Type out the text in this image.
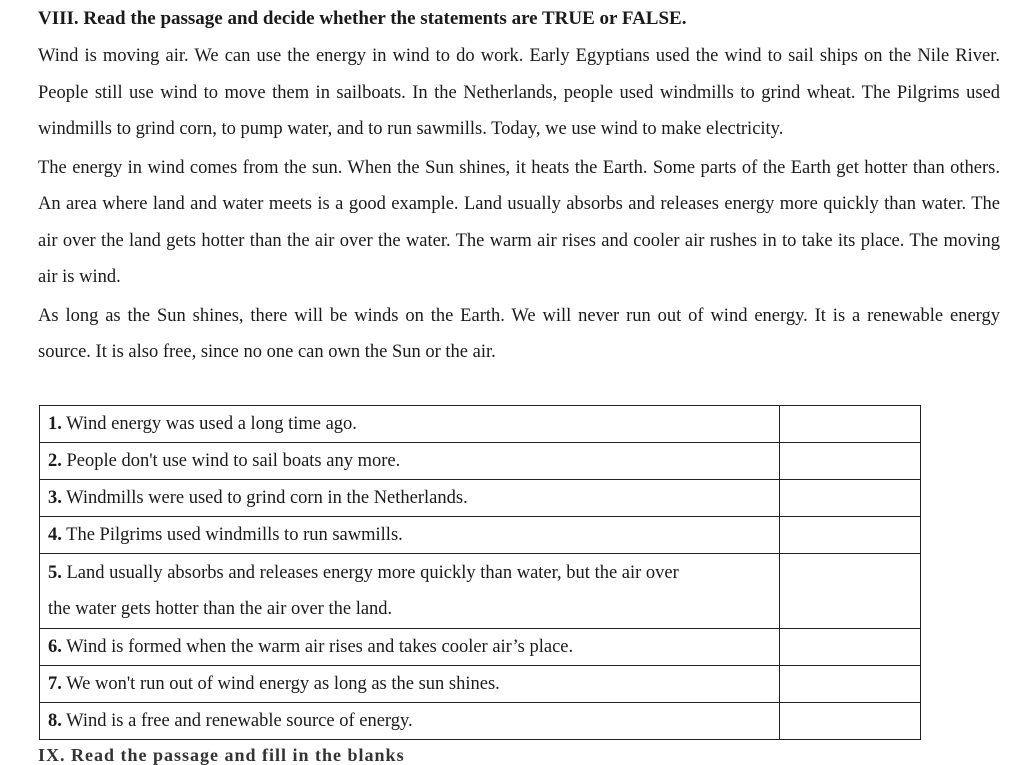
VIII. Read the passage and decide whether the statements are TRUE or FALSE.

Wind is moving air. We can use the energy in wind to do work. Early Egyptians used the wind to sail ships on the Nile River. People still use wind to move them in sailboats. In the Netherlands, people used windmills to grind wheat. The Pilgrims used windmills to grind corn, to pump water, and to run sawmills. Today, we use wind to make electricity.

The energy in wind comes from the sun. When the Sun shines, it heats the Earth. Some parts of the Earth get hotter than others. An area where land and water meets is a good example. Land usually absorbs and releases energy more quickly than water. The air over the land gets hotter than the air over the water. The warm air rises and cooler air rushes in to take its place. The moving air is wind.

As long as the Sun shines, there will be winds on the Earth. We will never run out of wind energy. It is a renewable energy source. It is also free, since no one can own the Sun or the air.

1. Wind energy was used a long time ago.	

2. People don't use wind to sail boats any more.	

3. Windmills were used to grind corn in the Netherlands.	

4. The Pilgrims used windmills to run sawmills.	

5. Land usually absorbs and releases energy more quickly than water, but the air over
the water gets hotter than the air over the land.	

6. Wind is formed when the warm air rises and takes cooler air’s place.	

7. We won't run out of wind energy as long as the sun shines.	

8. Wind is a free and renewable source of energy.	

IX. Read the passage and fill in the blanks
